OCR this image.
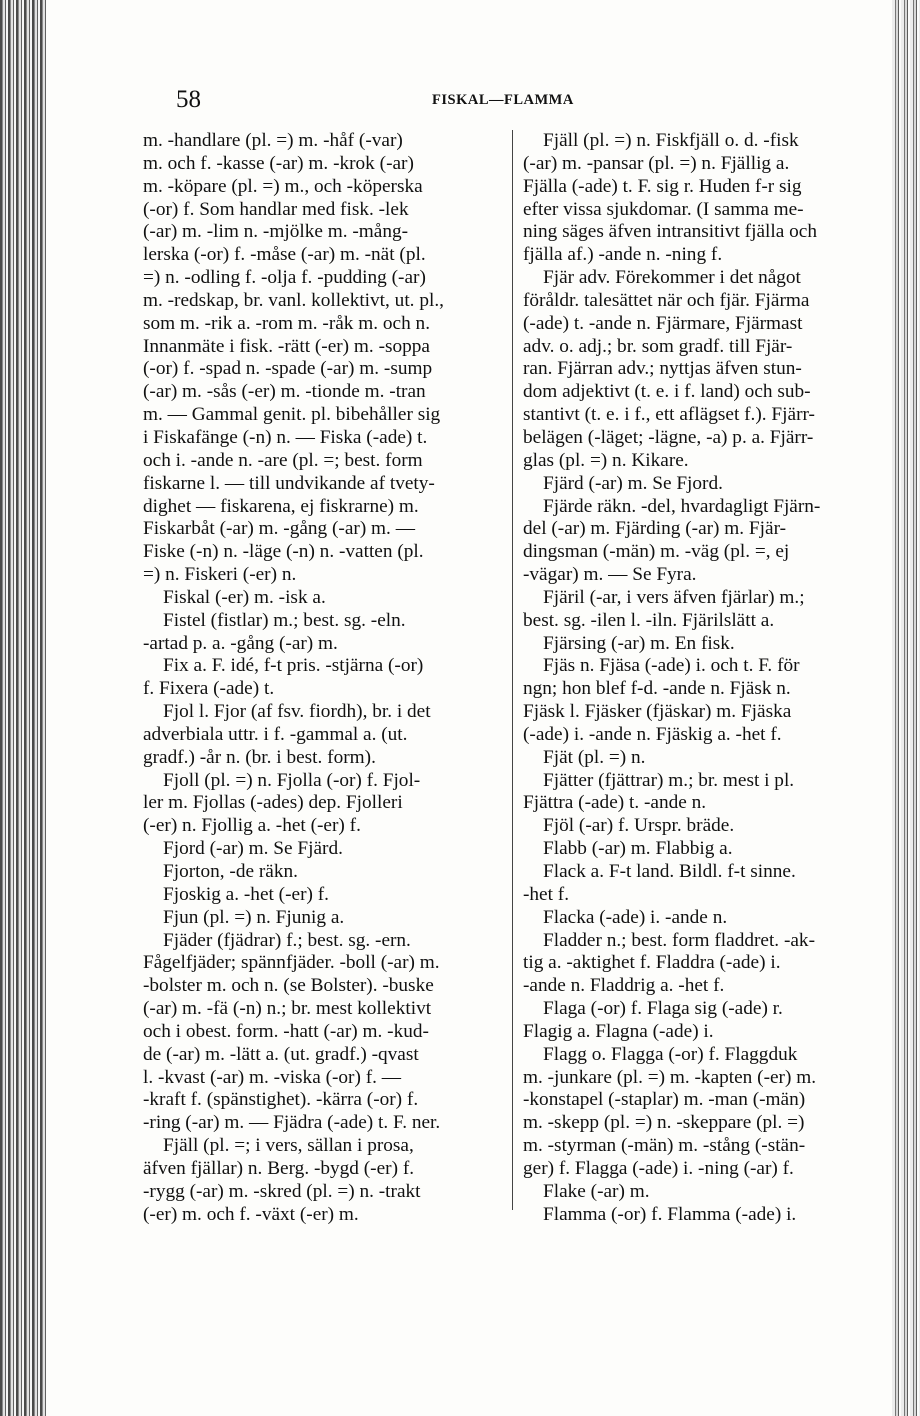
58	FISKAL—FLAMMA
m. -handlare (pl. =) m. -håf (-var)
m. och f. -kasse (-ar) m. -krok (-ar)
m. -köpare (pl. =) m., och -köperska
(-or) f. Som handlar med fisk. -lek
(-ar) m. -lim n. -mjölke m. -mång-
lerska (-or) f. -måse (-ar) m. -nät (pl.
=) n. -odling f. -olja f. -pudding (-ar)
m. -redskap, br. vanl. kollektivt, ut. pl.,
som m. -rik a. -rom m. -råk m. och n.
Innanmäte i fisk. -rätt (-er) m. -soppa
(-or) f. -spad n. -spade (-ar) m. -sump
(-ar) m. -sås (-er) m. -tionde m. -tran
m. — Gammal genit. pl. bibehåller sig
i Fiskafänge (-n) n. — Fiska (-ade) t.
och i. -ande n. -are (pl. =; best. form
fiskarne l. — till undvikande af tvety-
dighet — fiskarena, ej fiskrarne) m.
Fiskarbåt (-ar) m. -gång (-ar) m. —
Fiske (-n) n. -läge (-n) n. -vatten (pl.
=) n. Fiskeri (-er) n.
Fiskal (-er) m. -isk a.
Fistel (fistlar) m.; best. sg. -eln.
-artad p. a. -gång (-ar) m.
Fix a. F. idé, f-t pris. -stjärna (-or)
f. Fixera (-ade) t.
Fjol l. Fjor (af fsv. fiordh), br. i det
adverbiala uttr. i f. -gammal a. (ut.
gradf.) -år n. (br. i best. form).
Fjoll (pl. =) n. Fjolla (-or) f. Fjol-
ler m. Fjollas (-ades) dep. Fjolleri
(-er) n. Fjollig a. -het (-er) f.
Fjord (-ar) m. Se Fjärd.
Fjorton, -de räkn.
Fjoskig a. -het (-er) f.
Fjun (pl. =) n. Fjunig a.
Fjäder (fjädrar) f.; best. sg. -ern.
Fågelfjäder; spännfjäder. -boll (-ar) m.
-bolster m. och n. (se Bolster). -buske
(-ar) m. -fä (-n) n.; br. mest kollektivt
och i obest. form. -hatt (-ar) m. -kud-
de (-ar) m. -lätt a. (ut. gradf.) -qvast
l. -kvast (-ar) m. -viska (-or) f. —
-kraft f. (spänstighet). -kärra (-or) f.
-ring (-ar) m. — Fjädra (-ade) t. F. ner.
Fjäll (pl. =; i vers, sällan i prosa,
äfven fjällar) n. Berg. -bygd (-er) f.
-rygg (-ar) m. -skred (pl. =) n. -trakt
(-er) m. och f. -växt (-er) m.
Fjäll (pl. =) n. Fiskfjäll o. d. -fisk
(-ar) m. -pansar (pl. =) n. Fjällig a.
Fjälla (-ade) t. F. sig r. Huden f-r sig
efter vissa sjukdomar. (I samma me-
ning säges äfven intransitivt fjälla och
fjälla af.) -ande n. -ning f.
Fjär adv. Förekommer i det något
föråldr. talesättet när och fjär. Fjärma
(-ade) t. -ande n. Fjärmare, Fjärmast
adv. o. adj.; br. som gradf. till Fjär-
ran. Fjärran adv.; nyttjas äfven stun-
dom adjektivt (t. e. i f. land) och sub-
stantivt (t. e. i f., ett aflägset f.). Fjärr-
belägen (-läget; -lägne, -a) p. a. Fjärr-
glas (pl. =) n. Kikare.
Fjärd (-ar) m. Se Fjord.
Fjärde räkn. -del, hvardagligt Fjärn-
del (-ar) m. Fjärding (-ar) m. Fjär-
dingsman (-män) m. -väg (pl. =, ej
-vägar) m. — Se Fyra.
Fjäril (-ar, i vers äfven fjärlar) m.;
best. sg. -ilen l. -iln. Fjärilslätt a.
Fjärsing (-ar) m. En fisk.
Fjäs n. Fjäsa (-ade) i. och t. F. för
ngn; hon blef f-d. -ande n. Fjäsk n.
Fjäsk l. Fjäsker (fjäskar) m. Fjäska
(-ade) i. -ande n. Fjäskig a. -het f.
Fjät (pl. =) n.
Fjätter (fjättrar) m.; br. mest i pl.
Fjättra (-ade) t. -ande n.
Fjöl (-ar) f. Urspr. bräde.
Flabb (-ar) m. Flabbig a.
Flack a. F-t land. Bildl. f-t sinne.
-het f.
Flacka (-ade) i. -ande n.
Fladder n.; best. form fladdret. -ak-
tig a. -aktighet f. Fladdra (-ade) i.
-ande n. Fladdrig a. -het f.
Flaga (-or) f. Flaga sig (-ade) r.
Flagig a. Flagna (-ade) i.
Flagg o. Flagga (-or) f. Flaggduk
m. -junkare (pl. =) m. -kapten (-er) m.
-konstapel (-staplar) m. -man (-män)
m. -skepp (pl. =) n. -skeppare (pl. =)
m. -styrman (-män) m. -stång (-stän-
ger) f. Flagga (-ade) i. -ning (-ar) f.
Flake (-ar) m.
Flamma (-or) f. Flamma (-ade) i.
